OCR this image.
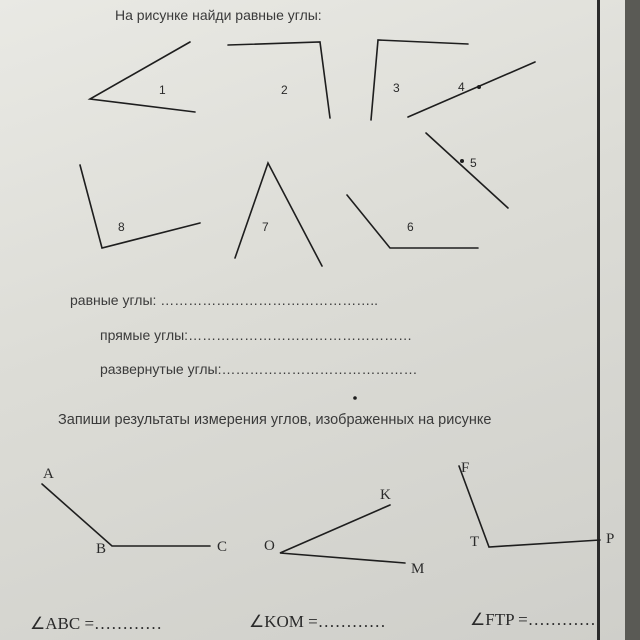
На рисунке найди равные углы:
1	2	3	4
5
6
7
8
A
B	C
K
O
M
F
T	P
равные углы: ………………………………………..
прямые углы:…………………………………………
развернутые углы:……………………………………
Запиши результаты измерения углов, изображенных на рисунке
∠ABC =…………	∠KOM =…………	∠FTP =…………
